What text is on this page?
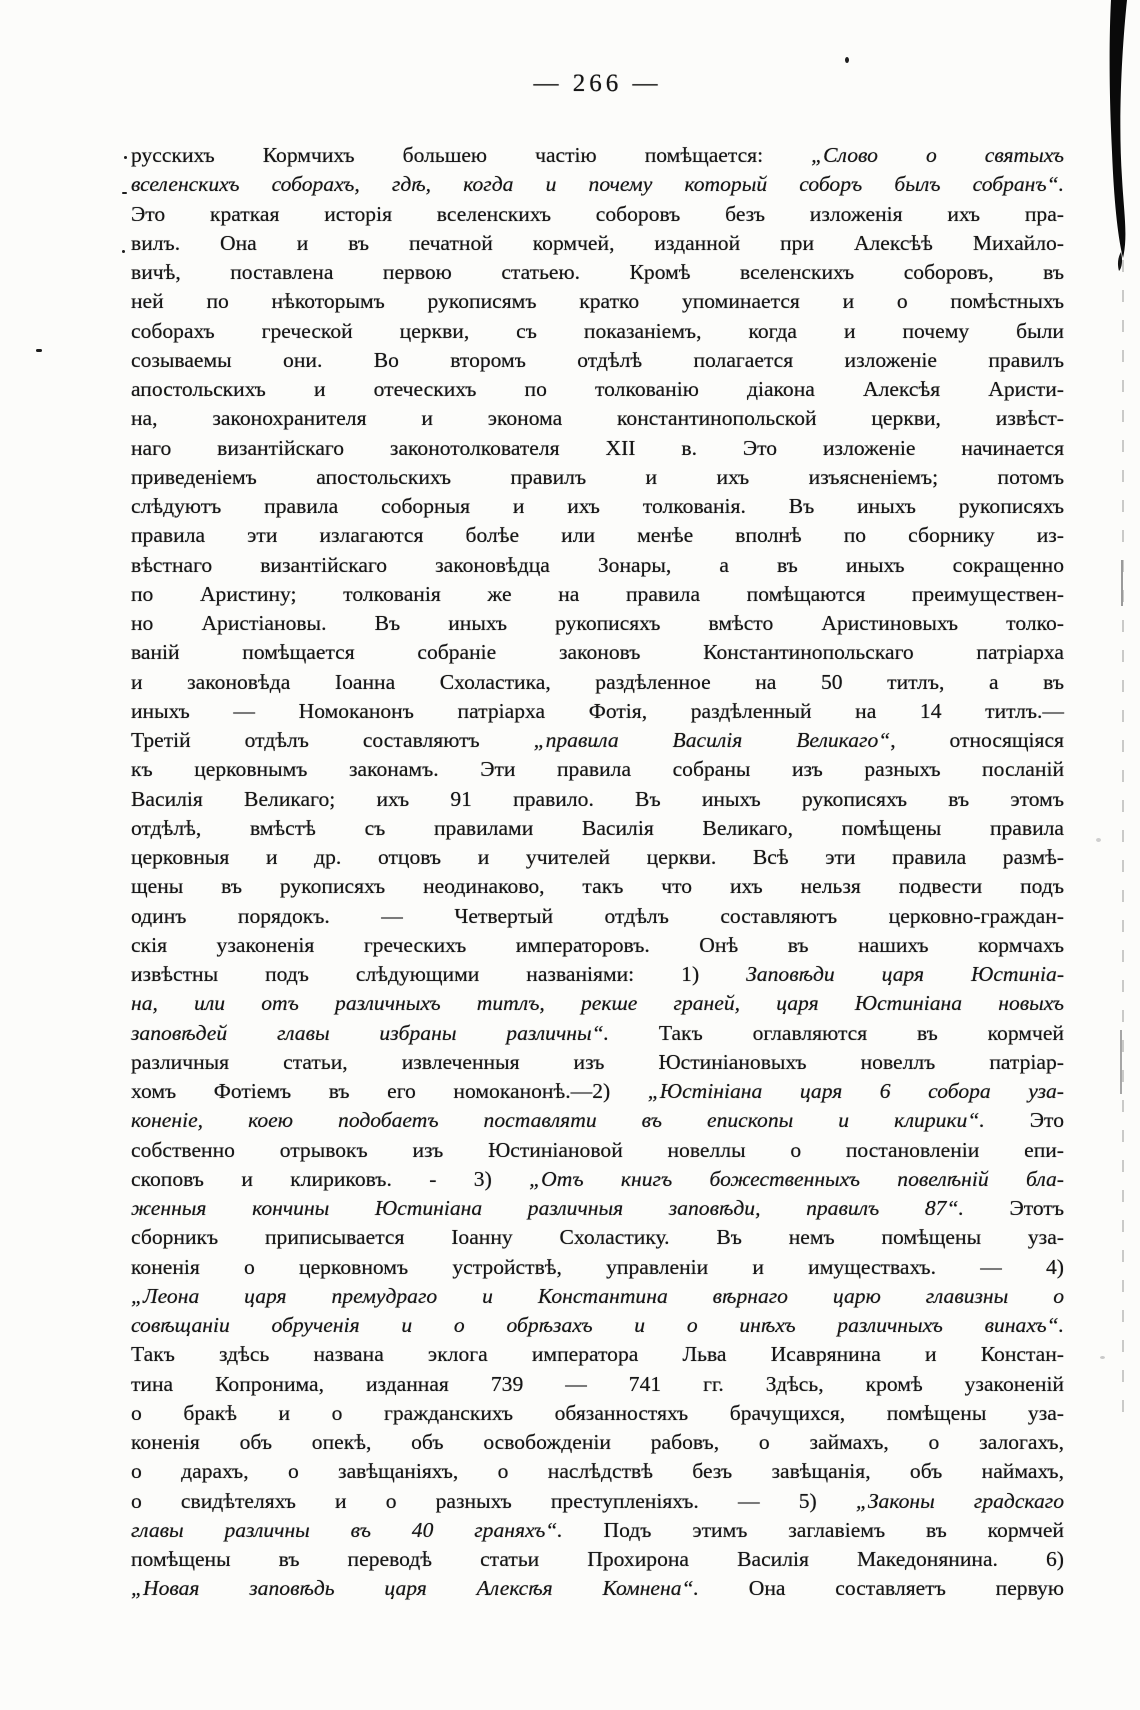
— 266 —
русскихъ Кормчихъ большею частію помѣщается: „Слово о святыхъ
вселенскихъ соборахъ, гдѣ, когда и почему который соборъ былъ собранъ“.
Это краткая исторія вселенскихъ соборовъ безъ изложенія ихъ пра-
вилъ. Она и въ печатной кормчей, изданной при Алексѣѣ Михайло-
вичѣ, поставлена первою статьею. Кромѣ вселенскихъ соборовъ, въ
ней по нѣкоторымъ рукописямъ кратко упоминается и о помѣстныхъ
соборахъ греческой церкви, съ показаніемъ, когда и почему были
созываемы они. Во второмъ отдѣлѣ полагается изложеніе правилъ
апостольскихъ и отеческихъ по толкованію діакона Алексѣя Аристи-
на, законохранителя и эконома константинопольской церкви, извѣст-
наго византійскаго законотолкователя XII в. Это изложеніе начинается
приведеніемъ апостольскихъ правилъ и ихъ изъясненіемъ; потомъ
слѣдуютъ правила соборныя и ихъ толкованія. Въ иныхъ рукописяхъ
правила эти излагаются болѣе или менѣе вполнѣ по сборнику из-
вѣстнаго византійскаго законовѣдца Зонары, а въ иныхъ сокращенно
по Аристину; толкованія же на правила помѣщаются преимуществен-
но Аристіановы. Въ иныхъ рукописяхъ вмѣсто Аристиновыхъ толко-
ваній помѣщается собраніе законовъ Константинопольскаго патріарха
и законовѣда Іоанна Схоластика, раздѣленное на 50 титлъ, а въ
иныхъ — Номоканонъ патріарха Фотія, раздѣленный на 14 титлъ.—
Третій отдѣлъ составляютъ „правила Василія Великаго“, относящіяся
къ церковнымъ законамъ. Эти правила собраны изъ разныхъ посланій
Василія Великаго; ихъ 91 правило. Въ иныхъ рукописяхъ въ этомъ
отдѣлѣ, вмѣстѣ съ правилами Василія Великаго, помѣщены правила
церковныя и др. отцовъ и учителей церкви. Всѣ эти правила размѣ-
щены въ рукописяхъ неодинаково, такъ что ихъ нельзя подвести подъ
одинъ порядокъ. — Четвертый отдѣлъ составляютъ церковно-граждан-
скія узаконенія греческихъ императоровъ. Онѣ въ нашихъ кормчахъ
извѣстны подъ слѣдующими названіями: 1) Заповѣди царя Юстиніа-
на, или отъ различныхъ титлъ, рекше граней, царя Юстиніана новыхъ
заповѣдей главы избраны различны“. Такъ оглавляются въ кормчей
различныя статьи, извлеченныя изъ Юстиніановыхъ новеллъ патріар-
хомъ Фотіемъ въ его номоканонѣ.—2) „Юстініана царя 6 собора уза-
коненіе, коею подобаетъ поставляти въ епископы и клирики“. Это
собственно отрывокъ изъ Юстиніановой новеллы о постановленіи епи-
скоповъ и клириковъ. - 3) „Отъ книгъ божественныхъ повелѣній бла-
женныя кончины Юстиніана различныя заповѣди, правилъ 87“. Этотъ
сборникъ приписывается Іоанну Схоластику. Въ немъ помѣщены уза-
коненія о церковномъ устройствѣ, управленіи и имуществахъ. — 4)
„Леона царя премудраго и Константина вѣрнаго царю главизны о
совѣщаніи обрученія и о обрѣзахъ и о инѣхъ различныхъ винахъ“.
Такъ здѣсь названа эклога императора Льва Исаврянина и Констан-
тина Копронима, изданная 739 — 741 гг. Здѣсь, кромѣ узаконеній
о бракѣ и о гражданскихъ обязанностяхъ брачущихся, помѣщены уза-
коненія объ опекѣ, объ освобожденіи рабовъ, о займахъ, о залогахъ,
о дарахъ, о завѣщаніяхъ, о наслѣдствѣ безъ завѣщанія, объ наймахъ,
о свидѣтеляхъ и о разныхъ преступленіяхъ. — 5) „Законы градскаго
главы различны въ 40 граняхъ“. Подъ этимъ заглавіемъ въ кормчей
помѣщены въ переводѣ статьи Прохирона Василія Македонянина. 6)
„Новая заповѣдь царя Алексѣя Комнена“. Она составляетъ первую
